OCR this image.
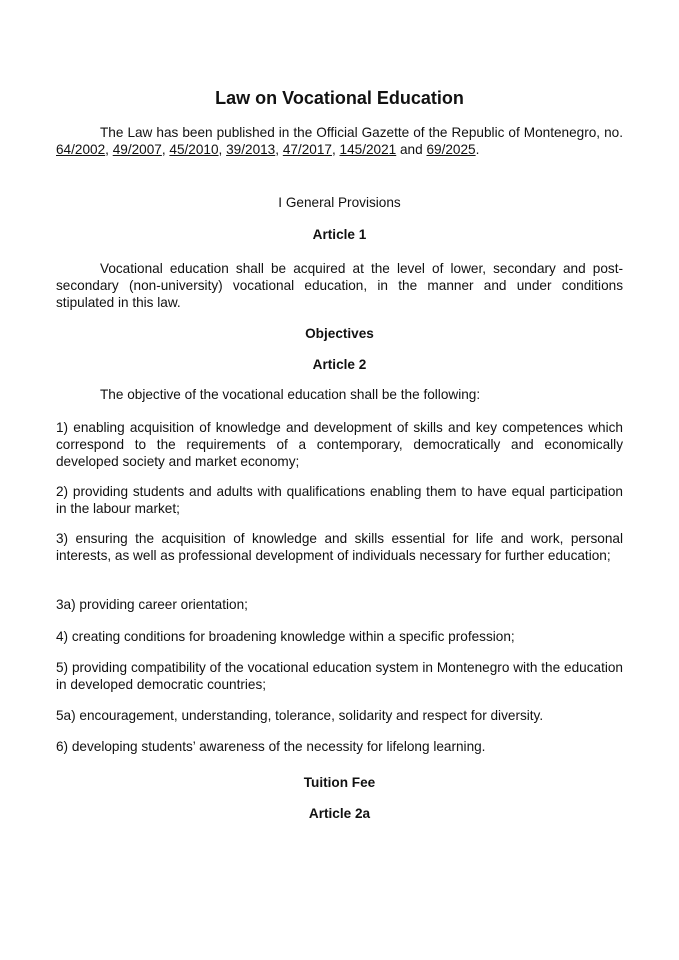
Law on Vocational Education

The Law has been published in the Official Gazette of the Republic of Montenegro, no. 64/2002, 49/2007, 45/2010, 39/2013, 47/2017, 145/2021 and 69/2025.

I General Provisions

Article 1

Vocational education shall be acquired at the level of lower, secondary and post-secondary (non-university) vocational education, in the manner and under conditions stipulated in this law.

Objectives

Article 2

The objective of the vocational education shall be the following:

1) enabling acquisition of knowledge and development of skills and key competences which correspond to the requirements of a contemporary, democratically and economically developed society and market economy;

2) providing students and adults with qualifications enabling them to have equal participation in the labour market;

3) ensuring the acquisition of knowledge and skills essential for life and work, personal interests, as well as professional development of individuals necessary for further education;

3a) providing career orientation;

4) creating conditions for broadening knowledge within a specific profession;

5) providing compatibility of the vocational education system in Montenegro with the education in developed democratic countries;

5a) encouragement, understanding, tolerance, solidarity and respect for diversity.

6) developing students’ awareness of the necessity for lifelong learning.

Tuition Fee

Article 2a
